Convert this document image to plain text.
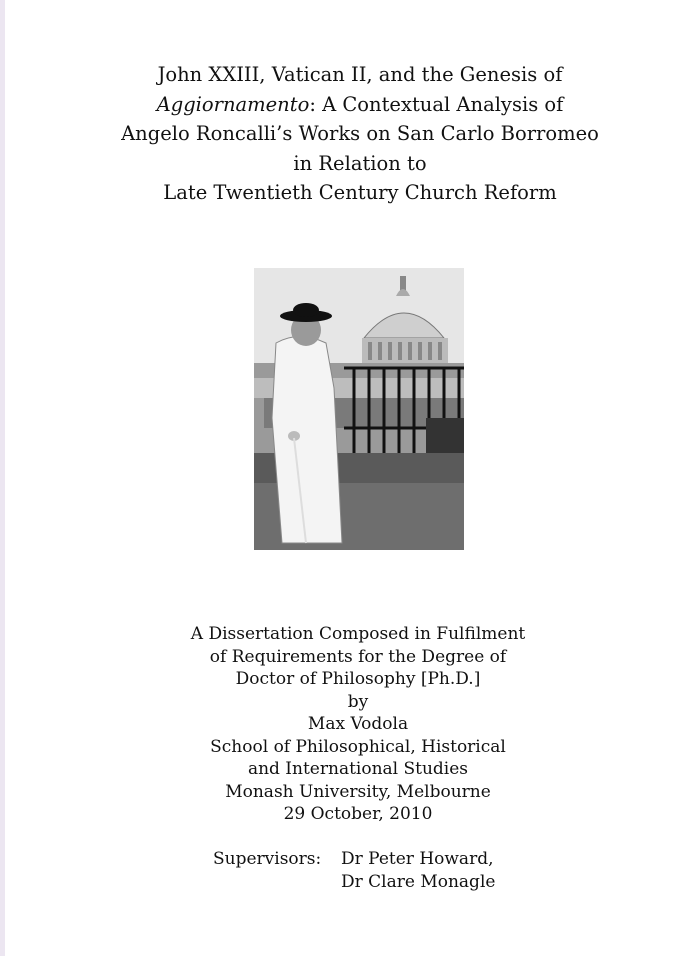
John XXIII, Vatican II, and the Genesis of
Aggiornamento: A Contextual Analysis of
Angelo Roncalli’s Works on San Carlo Borromeo
in Relation to
Late Twentieth Century Church Reform
A Dissertation Composed in Fulfilment
of Requirements for the Degree of
Doctor of Philosophy [Ph.D.]
by
Max Vodola
School of Philosophical, Historical
and International Studies
Monash University, Melbourne
29 October, 2010
Supervisors: Dr Peter Howard,
Dr Clare Monagle
